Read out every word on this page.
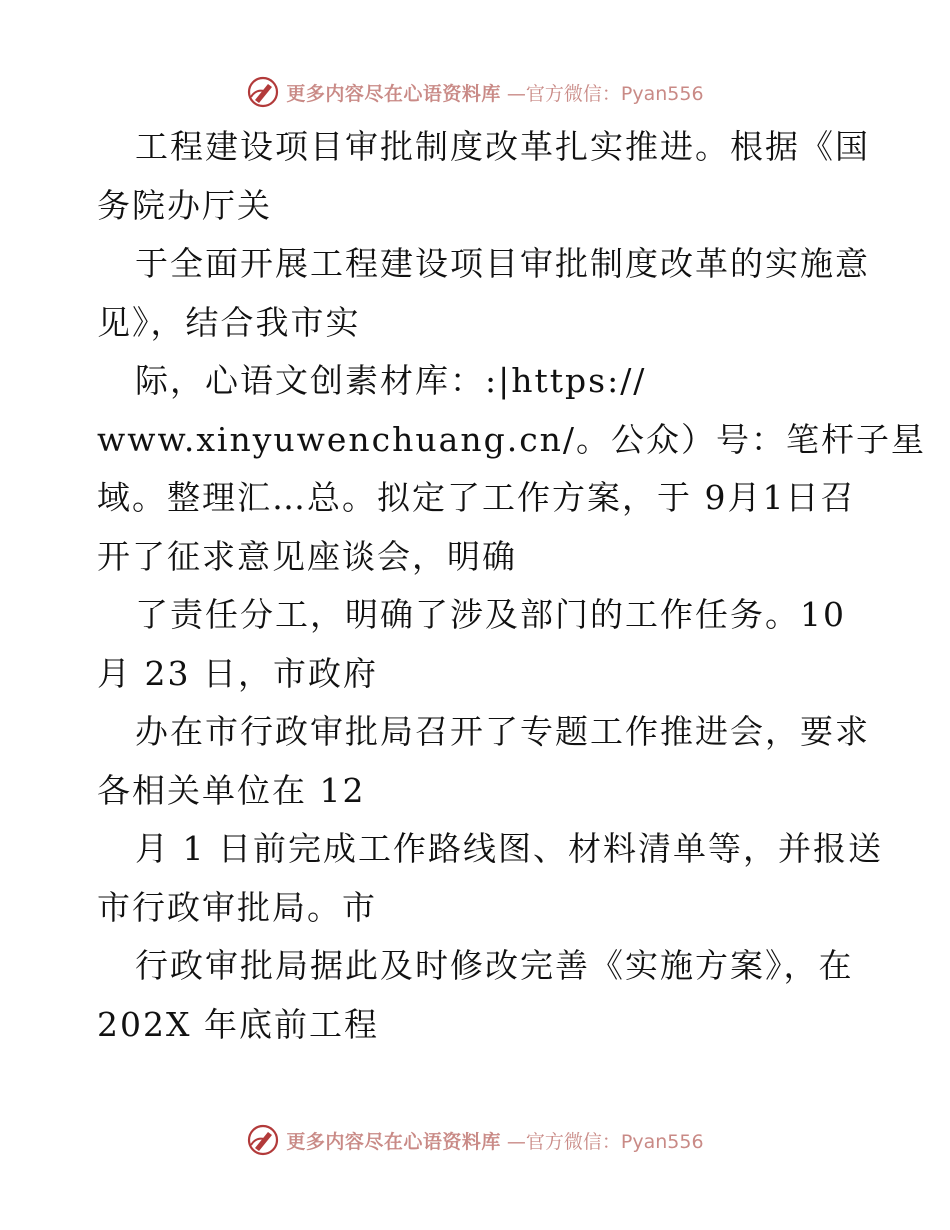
更多内容尽在心语资料库 —官方微信：Pyan556
工程建设项目审批制度改革扎实推进。根据《国
务院办厅关
于全面开展工程建设项目审批制度改革的实施意
见》，结合我市实
际，心语文创素材库：:|https://
www.xinyuwenchuang.cn/。公众）号：笔杆子星
域。整理汇…总。拟定了工作方案，于 9月1日召
开了征求意见座谈会，明确
了责任分工，明确了涉及部门的工作任务。10
月 23 日，市政府
办在市行政审批局召开了专题工作推进会，要求
各相关单位在 12
月 1 日前完成工作路线图、材料清单等，并报送
市行政审批局。市
行政审批局据此及时修改完善《实施方案》，在
202X 年底前工程
更多内容尽在心语资料库 —官方微信：Pyan556
